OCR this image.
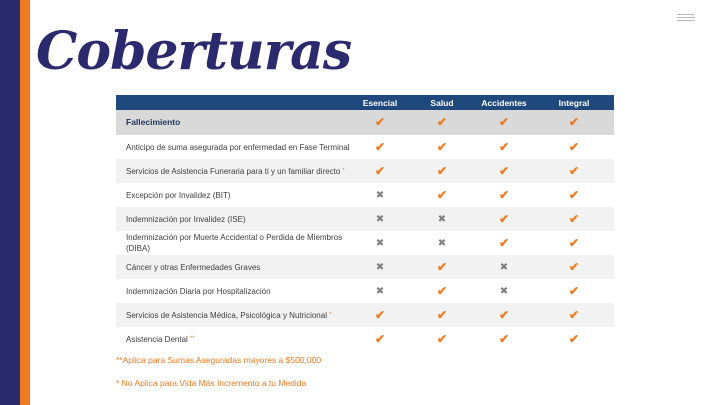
Coberturas
	Esencial	Salud	Accidentes	Integral
Fallecimiento	✔	✔	✔	✔
Anticipo de suma asegurada por enfermedad en Fase Terminal	✔	✔	✔	✔
Servicios de Asistencia Funeraria para ti y un familiar directo *	✔	✔	✔	✔
Excepción por Invalidez (BIT)	✖	✔	✔	✔
Indemnización por Invalidez (ISE)	✖	✖	✔	✔
Indemnización por Muerte Accidental o Perdida de Miembros (DIBA)	✖	✖	✔	✔
Cáncer y otras Enfermedades Graves	✖	✔	✖	✔
Indemnización Diaria por Hospitalización	✖	✔	✖	✔
Servicios de Asistencia Médica, Psicológica y Nutricional *	✔	✔	✔	✔
Asistencia Dental **	✔	✔	✔	✔

**Aplica para Sumas Aseguradas mayores a $500,000

* No Aplica para Vida Más Incremento a tu Medida
